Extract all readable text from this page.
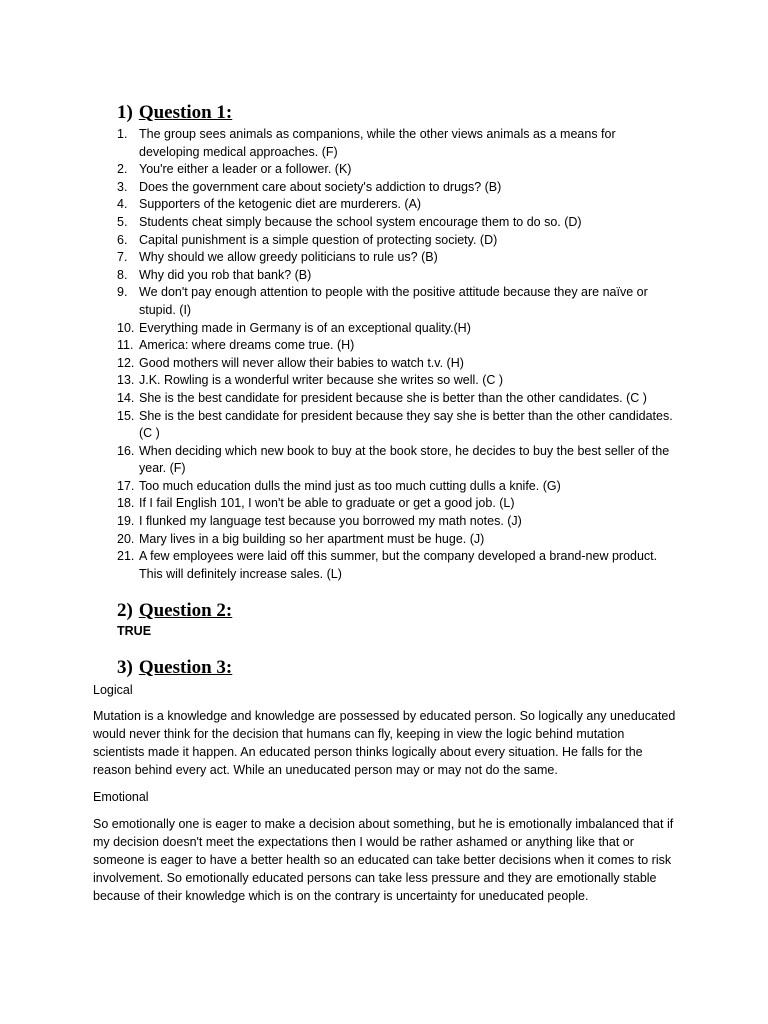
1) Question 1:
1. The group sees animals as companions, while the other views animals as a means for developing medical approaches. (F)
2. You're either a leader or a follower. (K)
3. Does the government care about society's addiction to drugs? (B)
4. Supporters of the ketogenic diet are murderers. (A)
5. Students cheat simply because the school system encourage them to do so. (D)
6. Capital punishment is a simple question of protecting society. (D)
7. Why should we allow greedy politicians to rule us? (B)
8. Why did you rob that bank? (B)
9. We don't pay enough attention to people with the positive attitude because they are naïve or stupid. (I)
10. Everything made in Germany is of an exceptional quality.(H)
11. America: where dreams come true. (H)
12. Good mothers will never allow their babies to watch t.v. (H)
13. J.K. Rowling is a wonderful writer because she writes so well. (C )
14. She is the best candidate for president because she is better than the other candidates. (C )
15. She is the best candidate for president because they say she is better than the other candidates. (C )
16. When deciding which new book to buy at the book store, he decides to buy the best seller of the year. (F)
17. Too much education dulls the mind just as too much cutting dulls a knife. (G)
18. If I fail English 101, I won't be able to graduate or get a good job. (L)
19. I flunked my language test because you borrowed my math notes. (J)
20. Mary lives in a big building so her apartment must be huge. (J)
21. A few employees were laid off this summer, but the company developed a brand-new product. This will definitely increase sales. (L)
2) Question 2:
TRUE
3) Question 3:
Logical

Mutation is a knowledge and knowledge are possessed by educated person. So logically any uneducated would never think for the decision that humans can fly, keeping in view the logic behind mutation scientists made it happen. An educated person thinks logically about every situation. He falls for the reason behind every act. While an uneducated person may or may not do the same.

Emotional

So emotionally one is eager to make a decision about something, but he is emotionally imbalanced that if my decision doesn't meet the expectations then I would be rather ashamed or anything like that or someone is eager to have a better health so an educated can take better decisions when it comes to risk involvement. So emotionally educated persons can take less pressure and they are emotionally stable because of their knowledge which is on the contrary is uncertainty for uneducated people.
